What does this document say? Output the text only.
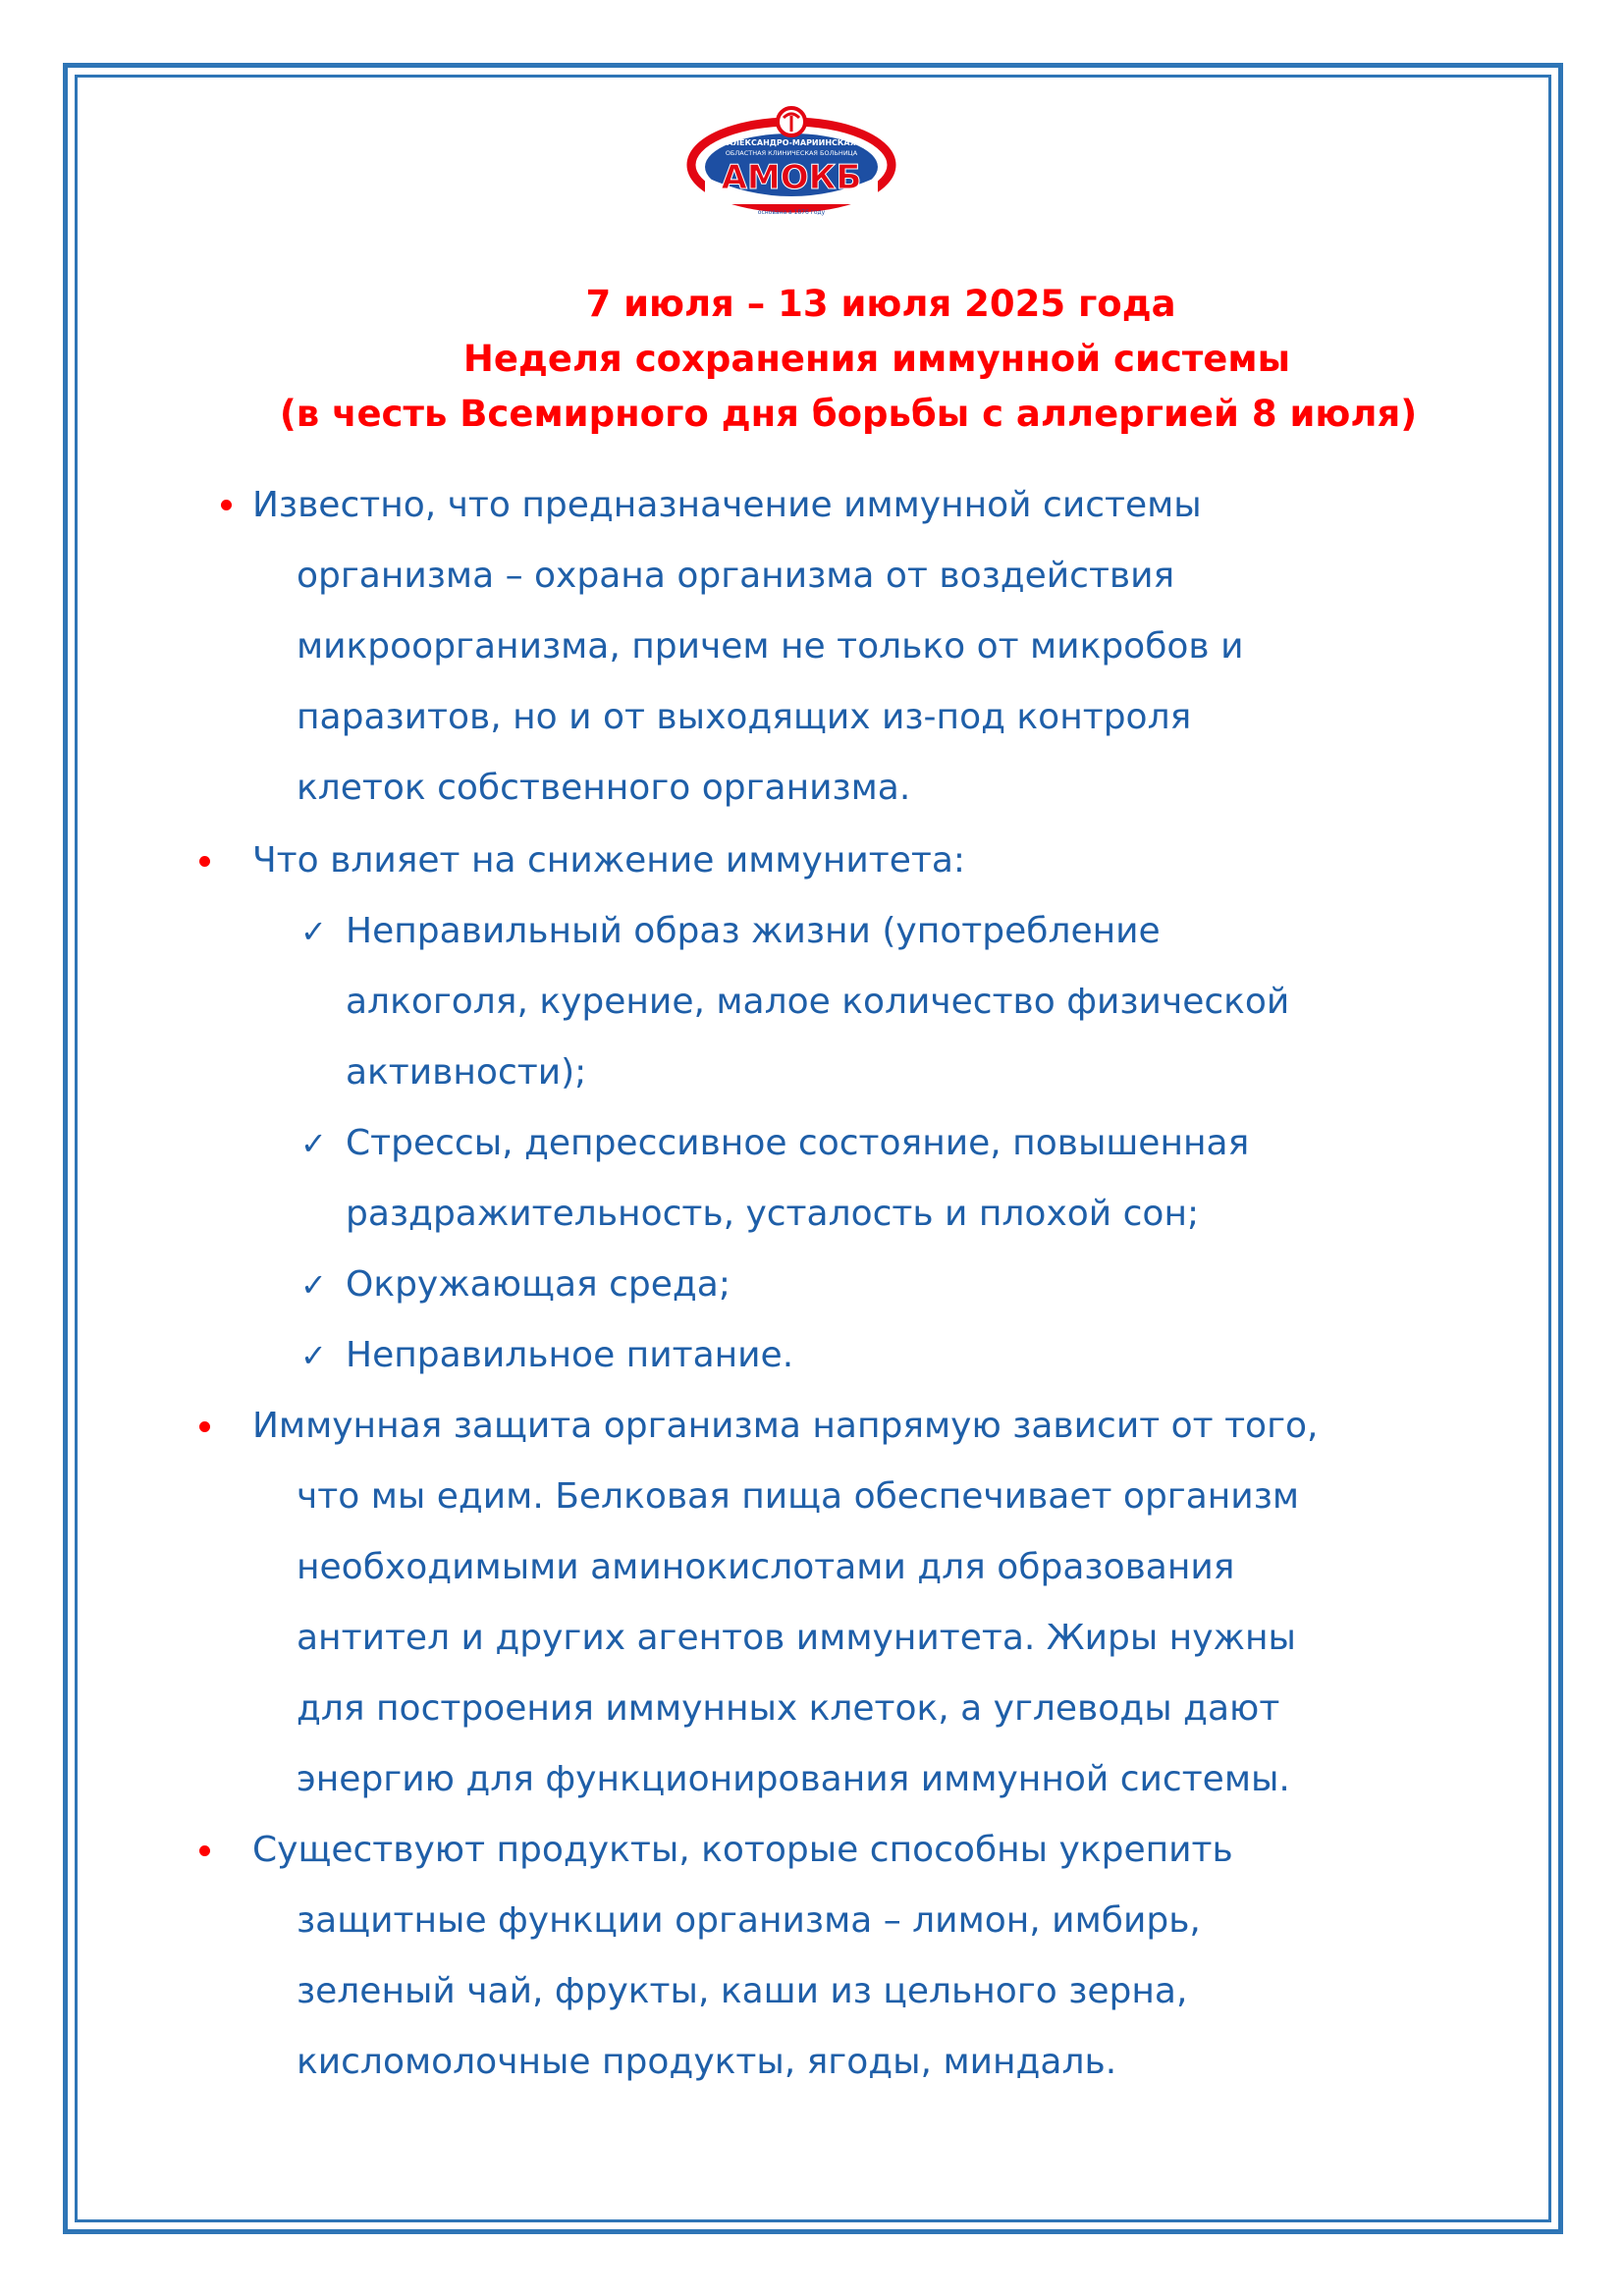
АЛЕКСАНДРО-МАРИИНСКАЯ
ОБЛАСТНАЯ КЛИНИЧЕСКАЯ БОЛЬНИЦА
АМОКБ
основана в 1876 году
7 июля – 13 июля 2025 года
Неделя сохранения иммунной системы
(в честь Всемирного дня борьбы с аллергией 8 июля)
Известно, что предназначение иммунной системы
организма – охрана организма от воздействия
микроорганизма, причем не только от микробов и
паразитов, но и от выходящих из-под контроля
клеток собственного организма.
Что влияет на снижение иммунитета:
✓ Неправильный образ жизни (употребление
алкоголя, курение, малое количество физической
активности);
✓ Стрессы, депрессивное состояние, повышенная
раздражительность, усталость и плохой сон;
✓ Окружающая среда;
✓ Неправильное питание.
Иммунная защита организма напрямую зависит от того,
что мы едим. Белковая пища обеспечивает организм
необходимыми аминокислотами для образования
антител и других агентов иммунитета. Жиры нужны
для построения иммунных клеток, а углеводы дают
энергию для функционирования иммунной системы.
Существуют продукты, которые способны укрепить
защитные функции организма – лимон, имбирь,
зеленый чай, фрукты, каши из цельного зерна,
кисломолочные продукты, ягоды, миндаль.
